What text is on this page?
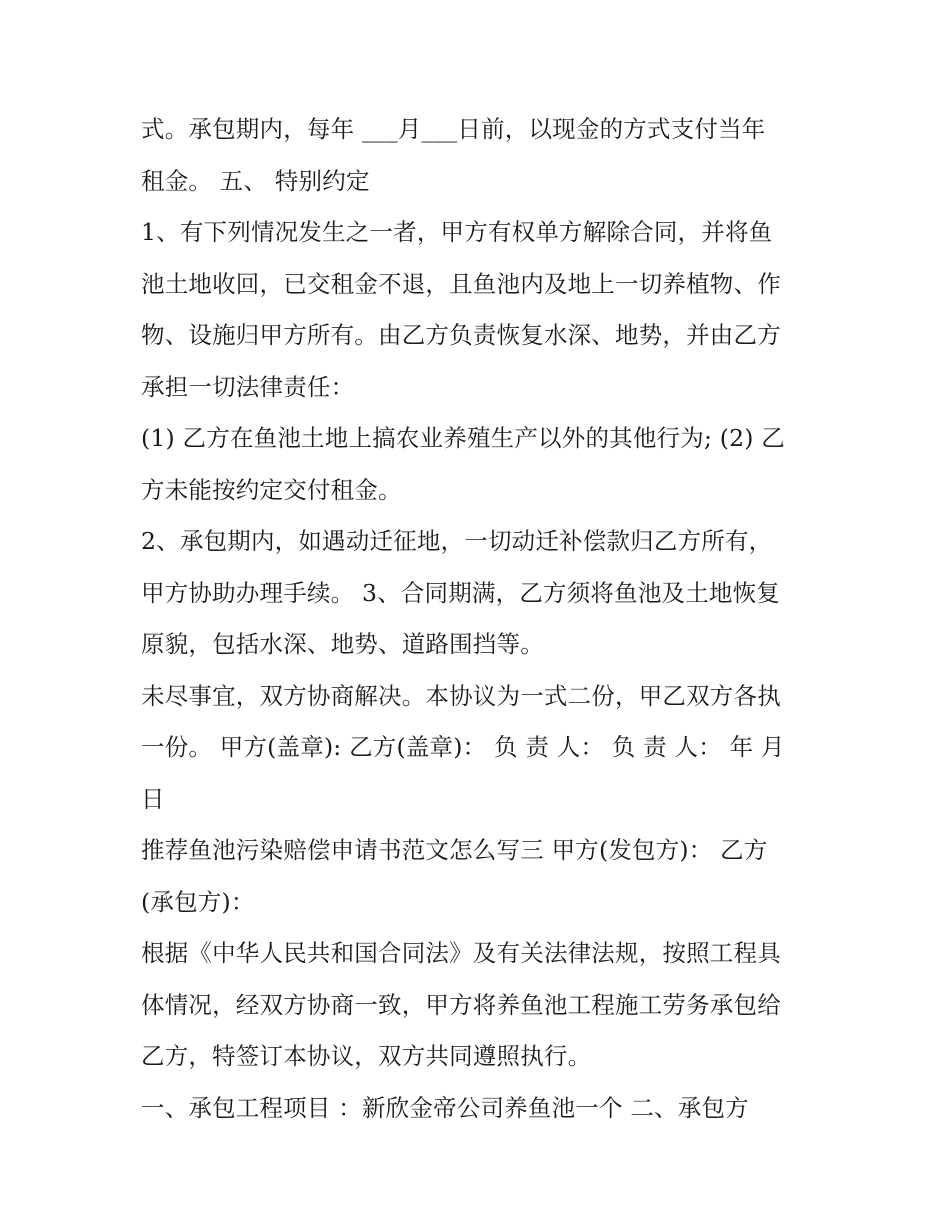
式。承包期内，每年 ___月___日前，以现金的方式支付当年
租金。 五、 特别约定
1、有下列情况发生之一者，甲方有权单方解除合同，并将鱼
池土地收回，已交租金不退，且鱼池内及地上一切养植物、作
物、设施归甲方所有。由乙方负责恢复水深、地势，并由乙方
承担一切法律责任：
(1) 乙方在鱼池土地上搞农业养殖生产以外的其他行为; (2) 乙
方未能按约定交付租金。
2、承包期内，如遇动迁征地，一切动迁补偿款归乙方所有，
甲方协助办理手续。 3、合同期满，乙方须将鱼池及土地恢复
原貌，包括水深、地势、道路围挡等。
未尽事宜，双方协商解决。本协议为一式二份，甲乙双方各执
一份。 甲方(盖章): 乙方(盖章)： 负 责 人： 负 责 人： 年 月
日
推荐鱼池污染赔偿申请书范文怎么写三 甲方(发包方)： 乙方
(承包方)：
根据《中华人民共和国合同法》及有关法律法规，按照工程具
体情况，经双方协商一致，甲方将养鱼池工程施工劳务承包给
乙方，特签订本协议，双方共同遵照执行。
一、承包工程项目 ：新欣金帝公司养鱼池一个 二、承包方
